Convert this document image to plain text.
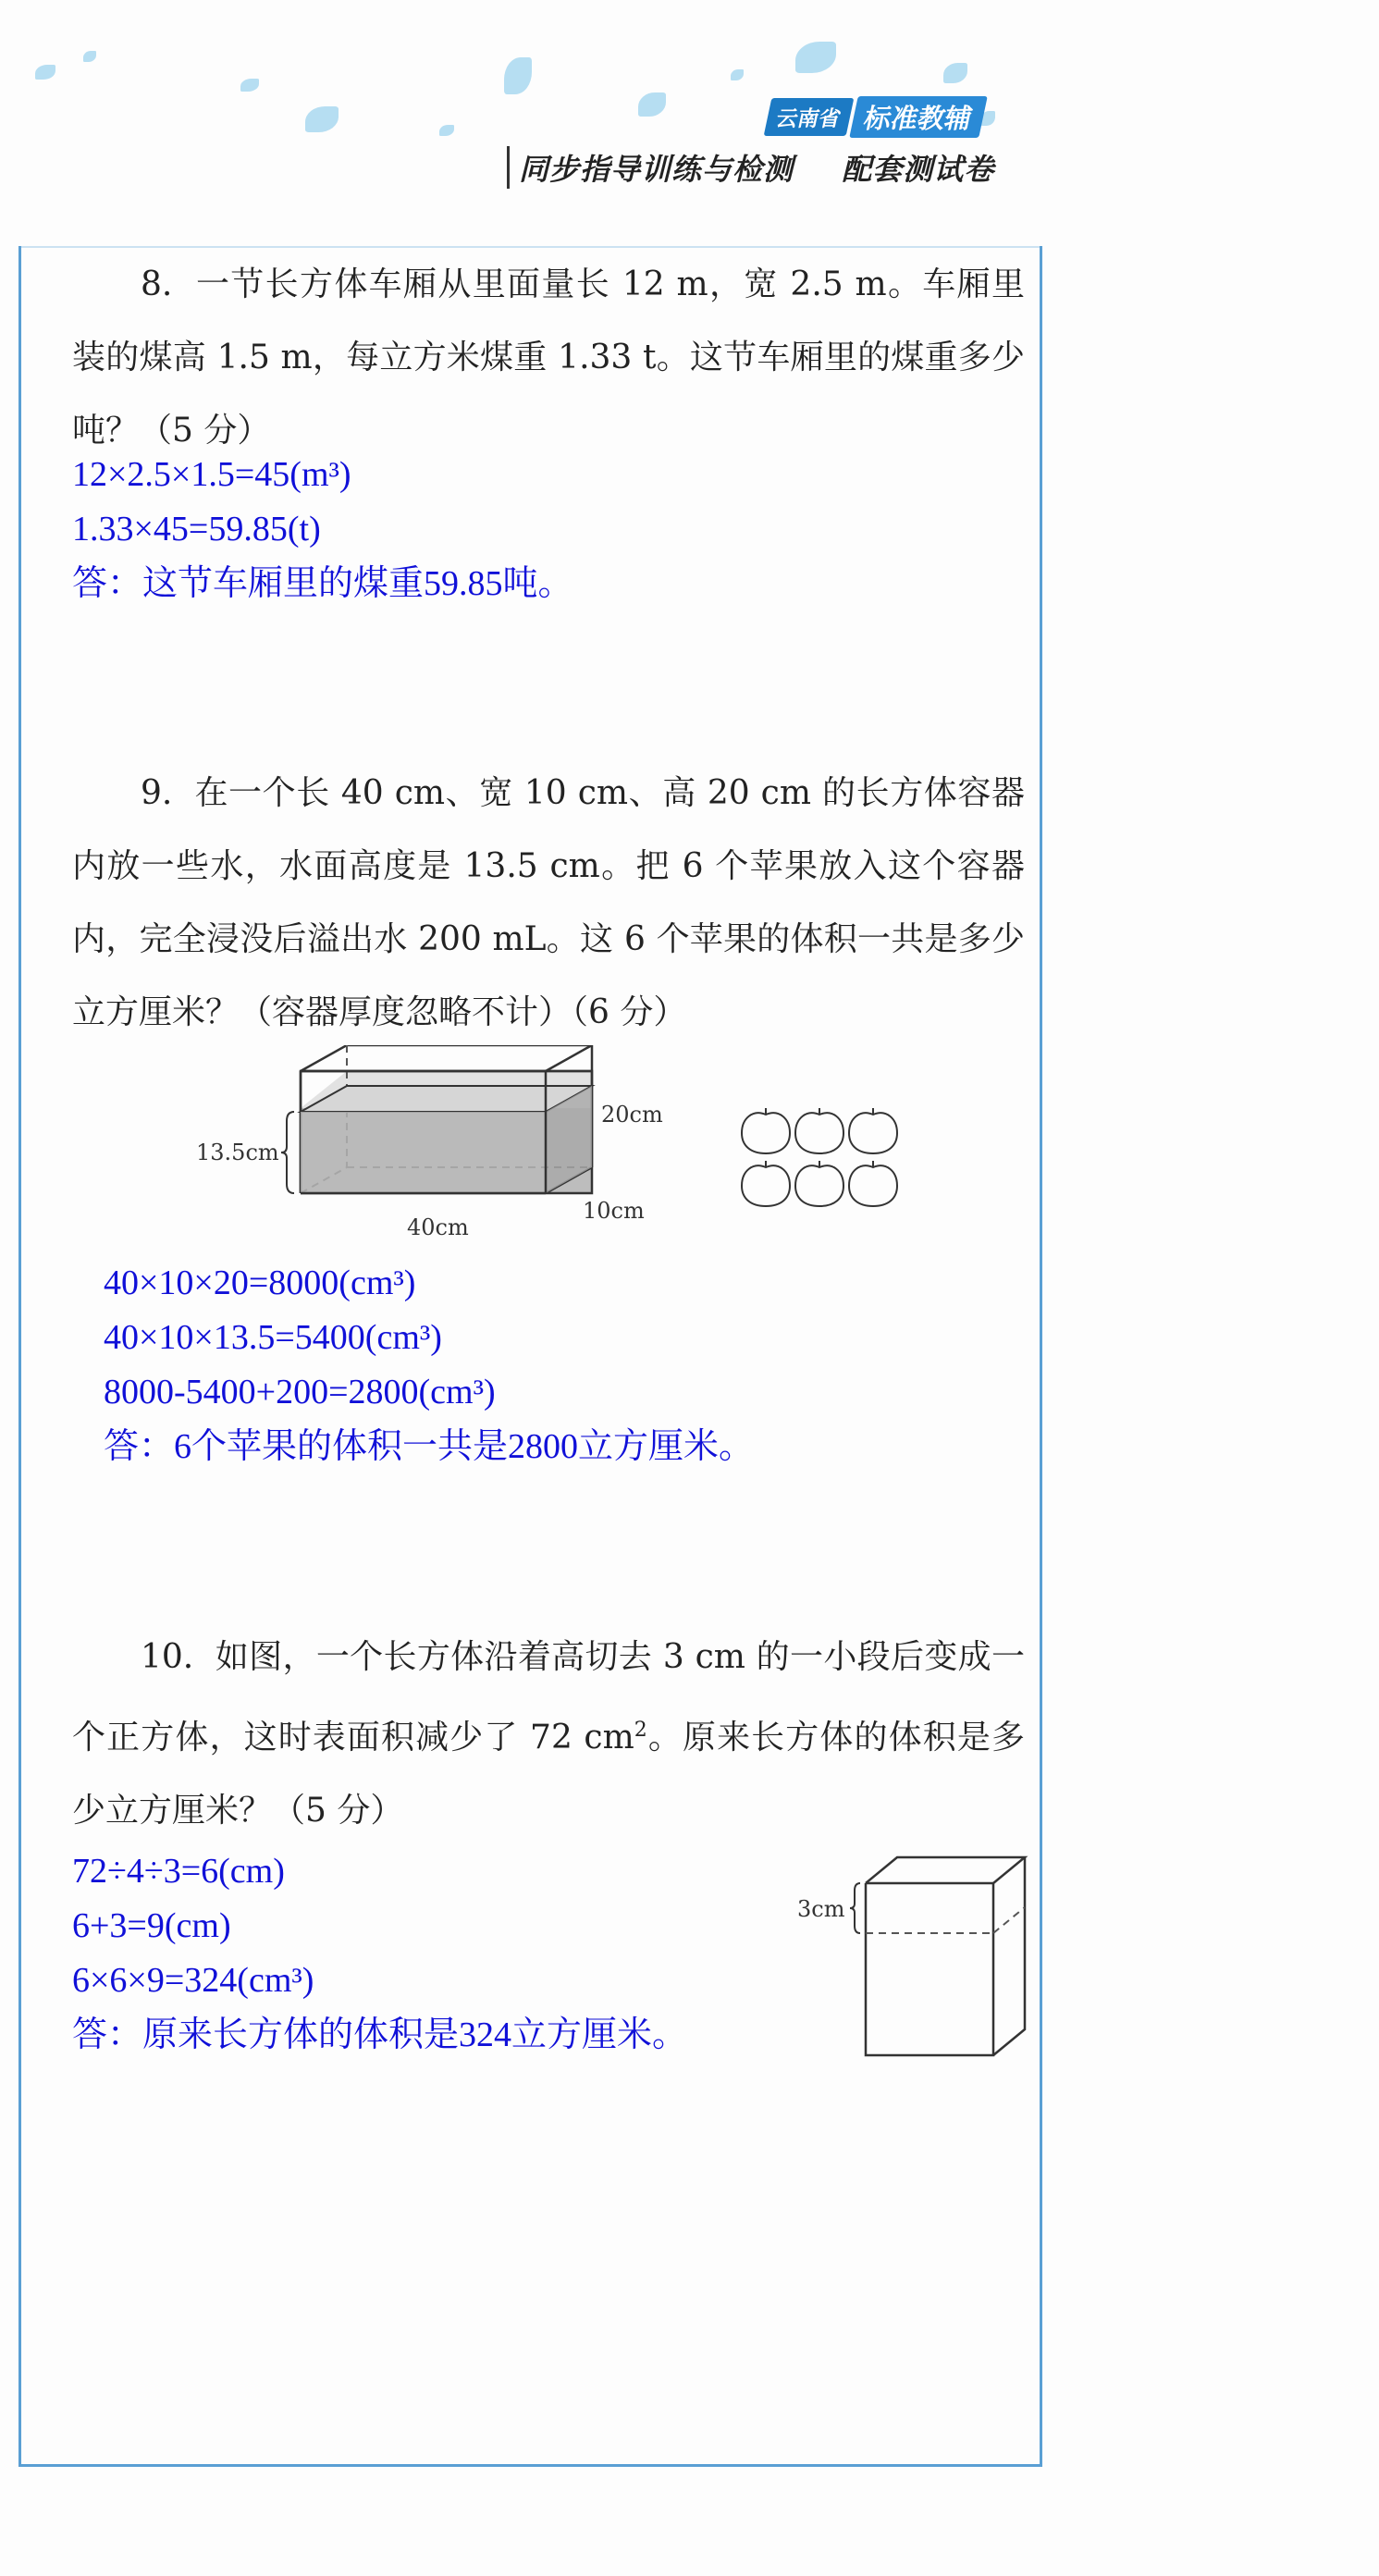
云南省 标准教辅
同步指导训练与检测 配套测试卷
8. 一节长方体车厢从里面量长 12 m，宽 2.5 m。车厢里装的煤高 1.5 m，每立方米煤重 1.33 t。这节车厢里的煤重多少吨？（5 分）
12×2.5×1.5=45(m³)
1.33×45=59.85(t)
答：这节车厢里的煤重59.85吨。
9. 在一个长 40 cm、宽 10 cm、高 20 cm 的长方体容器内放一些水，水面高度是 13.5 cm。把 6 个苹果放入这个容器内，完全浸没后溢出水 200 mL。这 6 个苹果的体积一共是多少立方厘米？（容器厚度忽略不计）（6 分）
13.5cm
20cm
10cm
40cm
40×10×20=8000(cm³)
40×10×13.5=5400(cm³)
8000-5400+200=2800(cm³)
答：6个苹果的体积一共是2800立方厘米。
10. 如图，一个长方体沿着高切去 3 cm 的一小段后变成一个正方体，这时表面积减少了 72 $cm^2$。原来长方体的体积是多少立方厘米？（5 分）
72÷4÷3=6(cm)
6+3=9(cm)
6×6×9=324(cm³)
答：原来长方体的体积是324立方厘米。
3cm
